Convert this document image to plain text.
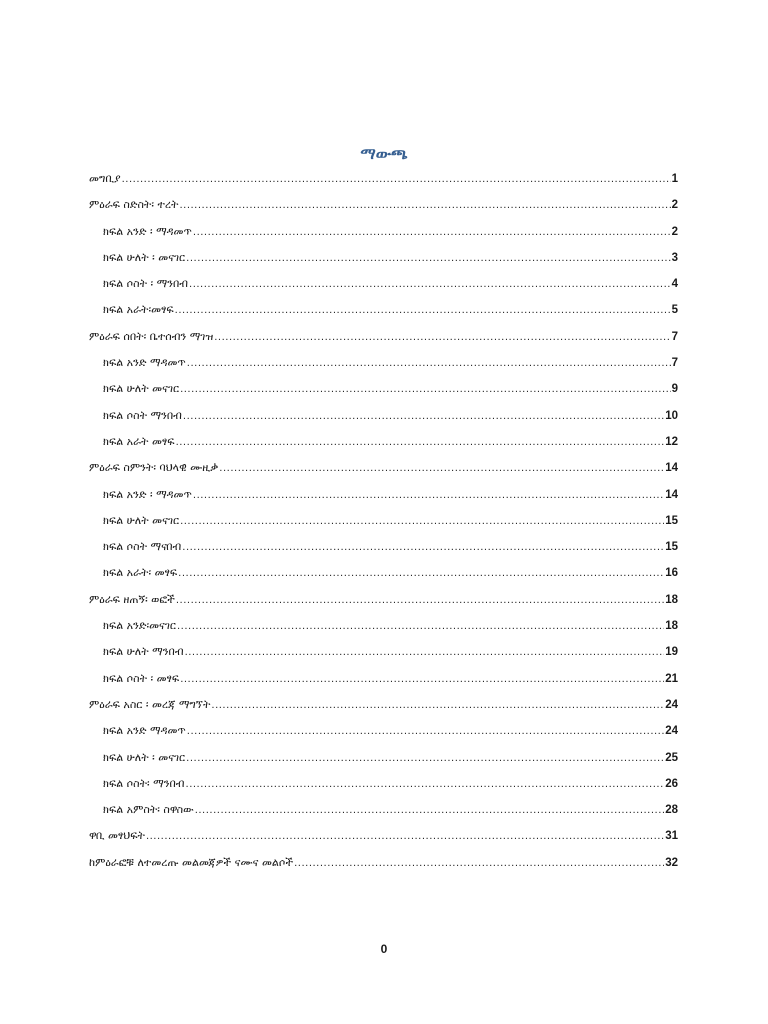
ማውጫ
መግቢያ .....	1
ምዕራፍ ስድስት፡ ተረት .....	2
ክፍል አንድ ፡ ማዳመጥ .....	2
ክፍል ሁለት ፡ መናገር .....	3
ክፍል ሶስት ፡ ማንበብ .....	4
ክፍል አራት፡መፃፍ .....	5
ምዕራፍ ሰበት፡ ቤተሰብን ማገዝ .....	7
ክፍል አንድ ማዳመጥ .....	7
ክፍል ሁለት መናገር .....	9
ክፍል ሶስት ማንበብ .....	10
ክፍል አራት መፃፍ .....	12
ምዕራፍ ስምንት፡ ባህላዊ ሙዚቃ .....	14
ክፍል አንድ ፡ ማዳመጥ .....	14
ክፍል ሁለት መናገር .....	15
ክፍል ሶስት ማናበብ .....	15
ክፍል አራት፡ መፃፍ .....	16
ምዕራፍ ዘጠኝ፡ ወፎች .....	18
ክፍል አንድ፡መናገር .....	18
ክፍል ሁለት ማንበብ .....	19
ክፍል ሶስት ፡ መፃፍ .....	21
ምዕራፍ አስር ፡ መረጃ ማግኘት .....	24
ክፍል አንድ ማዳመጥ .....	24
ክፍል ሁለት ፡ መናገር .....	25
ክፍል ሶስት፡ ማንበብ .....	26
ክፍል አምስት፡ ስዋስው .....	28
ዋቢ መፃህፍት .....	31
ከምዕራፎቹ ለተመረጡ መልመጃዎች ናሙና መልሶች .....	32
0
